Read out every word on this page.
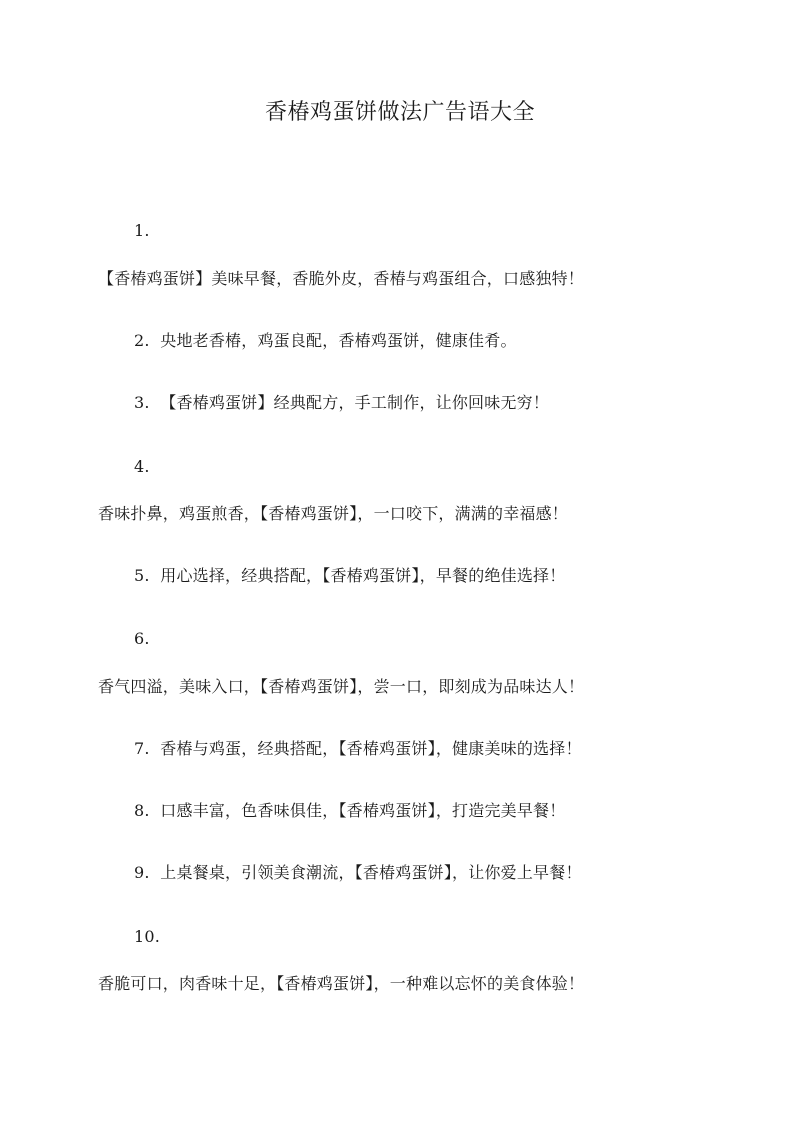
香椿鸡蛋饼做法广告语大全
1.
【香椿鸡蛋饼】美味早餐，香脆外皮，香椿与鸡蛋组合，口感独特！
2. 央地老香椿，鸡蛋良配，香椿鸡蛋饼，健康佳肴。
3. 【香椿鸡蛋饼】经典配方，手工制作，让你回味无穷！
4.
香味扑鼻，鸡蛋煎香，【香椿鸡蛋饼】，一口咬下，满满的幸福感！
5. 用心选择，经典搭配，【香椿鸡蛋饼】，早餐的绝佳选择！
6.
香气四溢，美味入口，【香椿鸡蛋饼】，尝一口，即刻成为品味达人！
7. 香椿与鸡蛋，经典搭配，【香椿鸡蛋饼】，健康美味的选择！
8. 口感丰富，色香味俱佳，【香椿鸡蛋饼】，打造完美早餐！
9. 上桌餐桌，引领美食潮流，【香椿鸡蛋饼】，让你爱上早餐！
10.
香脆可口，肉香味十足，【香椿鸡蛋饼】，一种难以忘怀的美食体验！
